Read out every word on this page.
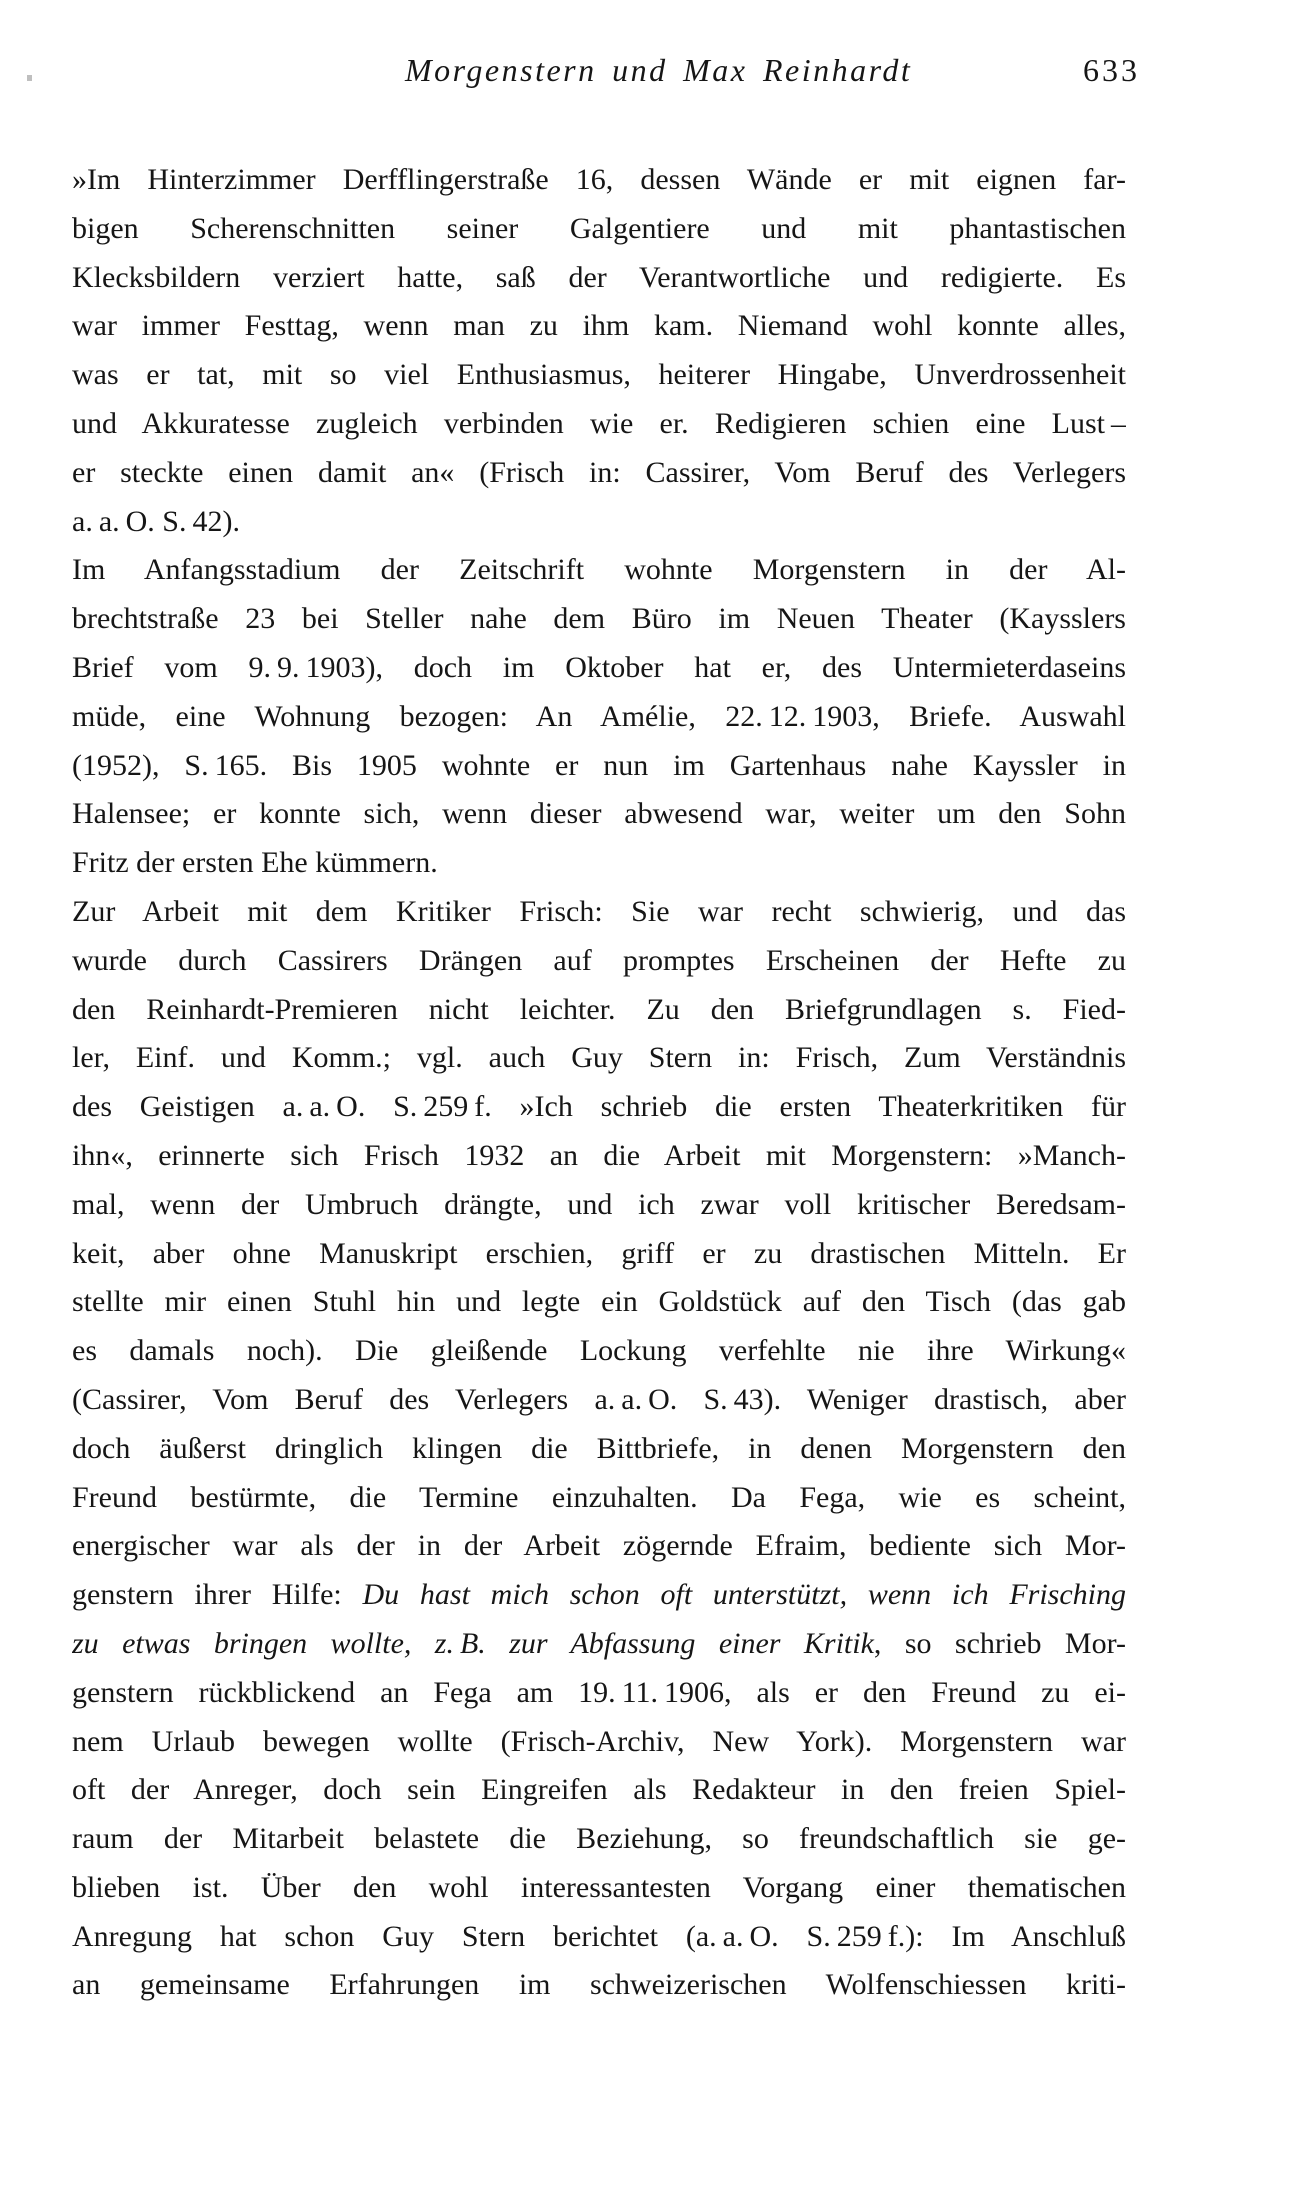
Morgenstern und Max Reinhardt	633
»Im Hinterzimmer Derfflingerstraße 16, dessen Wände er mit eignen far-
bigen Scherenschnitten seiner Galgentiere und mit phantastischen
Klecksbildern verziert hatte, saß der Verantwortliche und redigierte. Es
war immer Festtag, wenn man zu ihm kam. Niemand wohl konnte alles,
was er tat, mit so viel Enthusiasmus, heiterer Hingabe, Unverdrossenheit
und Akkuratesse zugleich verbinden wie er. Redigieren schien eine Lust –
er steckte einen damit an« (Frisch in: Cassirer, Vom Beruf des Verlegers
a. a. O. S. 42).
Im Anfangsstadium der Zeitschrift wohnte Morgenstern in der Al-
brechtstraße 23 bei Steller nahe dem Büro im Neuen Theater (Kaysslers
Brief vom 9. 9. 1903), doch im Oktober hat er, des Untermieterdaseins
müde, eine Wohnung bezogen: An Amélie, 22. 12. 1903, Briefe. Auswahl
(1952), S. 165. Bis 1905 wohnte er nun im Gartenhaus nahe Kayssler in
Halensee; er konnte sich, wenn dieser abwesend war, weiter um den Sohn
Fritz der ersten Ehe kümmern.
Zur Arbeit mit dem Kritiker Frisch: Sie war recht schwierig, und das
wurde durch Cassirers Drängen auf promptes Erscheinen der Hefte zu
den Reinhardt-Premieren nicht leichter. Zu den Briefgrundlagen s. Fied-
ler, Einf. und Komm.; vgl. auch Guy Stern in: Frisch, Zum Verständnis
des Geistigen a. a. O. S. 259 f. »Ich schrieb die ersten Theaterkritiken für
ihn«, erinnerte sich Frisch 1932 an die Arbeit mit Morgenstern: »Manch-
mal, wenn der Umbruch drängte, und ich zwar voll kritischer Beredsam-
keit, aber ohne Manuskript erschien, griff er zu drastischen Mitteln. Er
stellte mir einen Stuhl hin und legte ein Goldstück auf den Tisch (das gab
es damals noch). Die gleißende Lockung verfehlte nie ihre Wirkung«
(Cassirer, Vom Beruf des Verlegers a. a. O. S. 43). Weniger drastisch, aber
doch äußerst dringlich klingen die Bittbriefe, in denen Morgenstern den
Freund bestürmte, die Termine einzuhalten. Da Fega, wie es scheint,
energischer war als der in der Arbeit zögernde Efraim, bediente sich Mor-
genstern ihrer Hilfe: Du hast mich schon oft unterstützt, wenn ich Frisching
zu etwas bringen wollte, z. B. zur Abfassung einer Kritik, so schrieb Mor-
genstern rückblickend an Fega am 19. 11. 1906, als er den Freund zu ei-
nem Urlaub bewegen wollte (Frisch-Archiv, New York). Morgenstern war
oft der Anreger, doch sein Eingreifen als Redakteur in den freien Spiel-
raum der Mitarbeit belastete die Beziehung, so freundschaftlich sie ge-
blieben ist. Über den wohl interessantesten Vorgang einer thematischen
Anregung hat schon Guy Stern berichtet (a. a. O. S. 259 f.): Im Anschluß
an gemeinsame Erfahrungen im schweizerischen Wolfenschiessen kriti-
